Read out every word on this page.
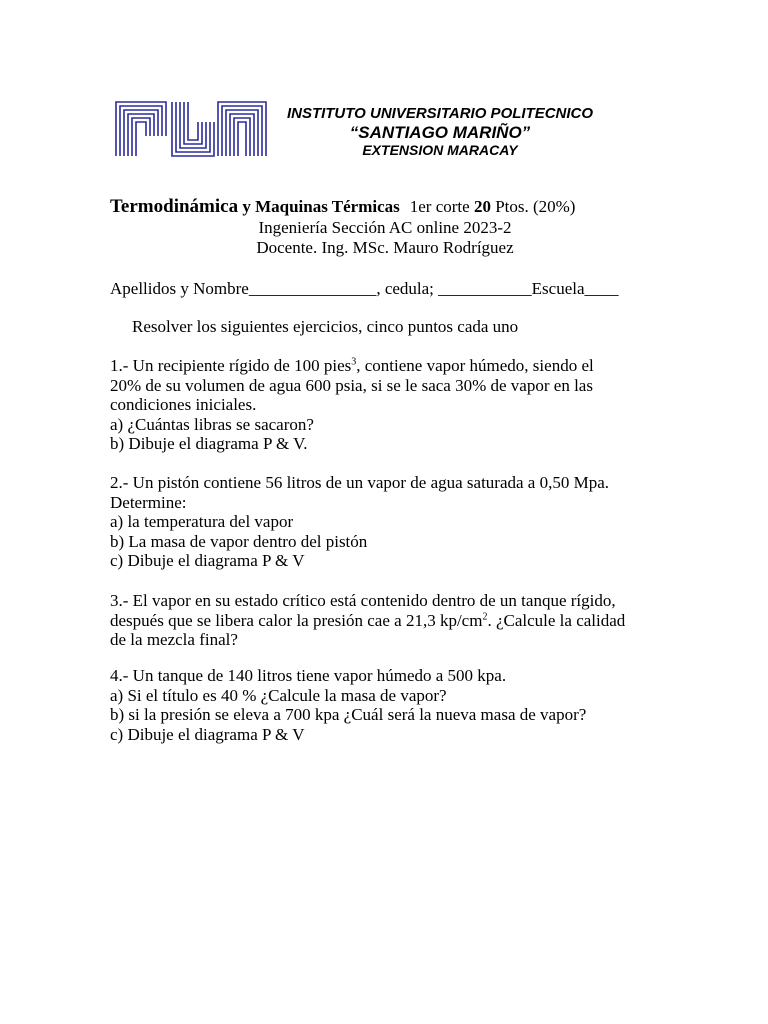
INSTITUTO UNIVERSITARIO POLITECNICO
“SANTIAGO MARIÑO”
EXTENSION MARACAY
Termodinámica y Maquinas Térmicas 1er corte 20 Ptos. (20%)
Ingeniería Sección AC online 2023-2
Docente. Ing. MSc. Mauro Rodríguez
Apellidos y Nombre_______________, cedula; ___________Escuela____
Resolver los siguientes ejercicios, cinco puntos cada uno

1.- Un recipiente rígido de 100 pies$^3$, contiene vapor húmedo, siendo el

20% de su volumen de agua 600 psia, si se le saca 30% de vapor en las

condiciones iniciales.

a) ¿Cuántas libras se sacaron?

b) Dibuje el diagrama P & V.

2.- Un pistón contiene 56 litros de un vapor de agua saturada a 0,50 Mpa.

Determine:

a) la temperatura del vapor

b) La masa de vapor dentro del pistón

c) Dibuje el diagrama P & V

3.- El vapor en su estado crítico está contenido dentro de un tanque rígido,

después que se libera calor la presión cae a 21,3 $kp/cm^2$. ¿Calcule la calidad

de la mezcla final?

4.- Un tanque de 140 litros tiene vapor húmedo a 500 kpa.

a) Si el título es 40 % ¿Calcule la masa de vapor?

b) si la presión se eleva a 700 kpa ¿Cuál será la nueva masa de vapor?

c) Dibuje el diagrama P & V
